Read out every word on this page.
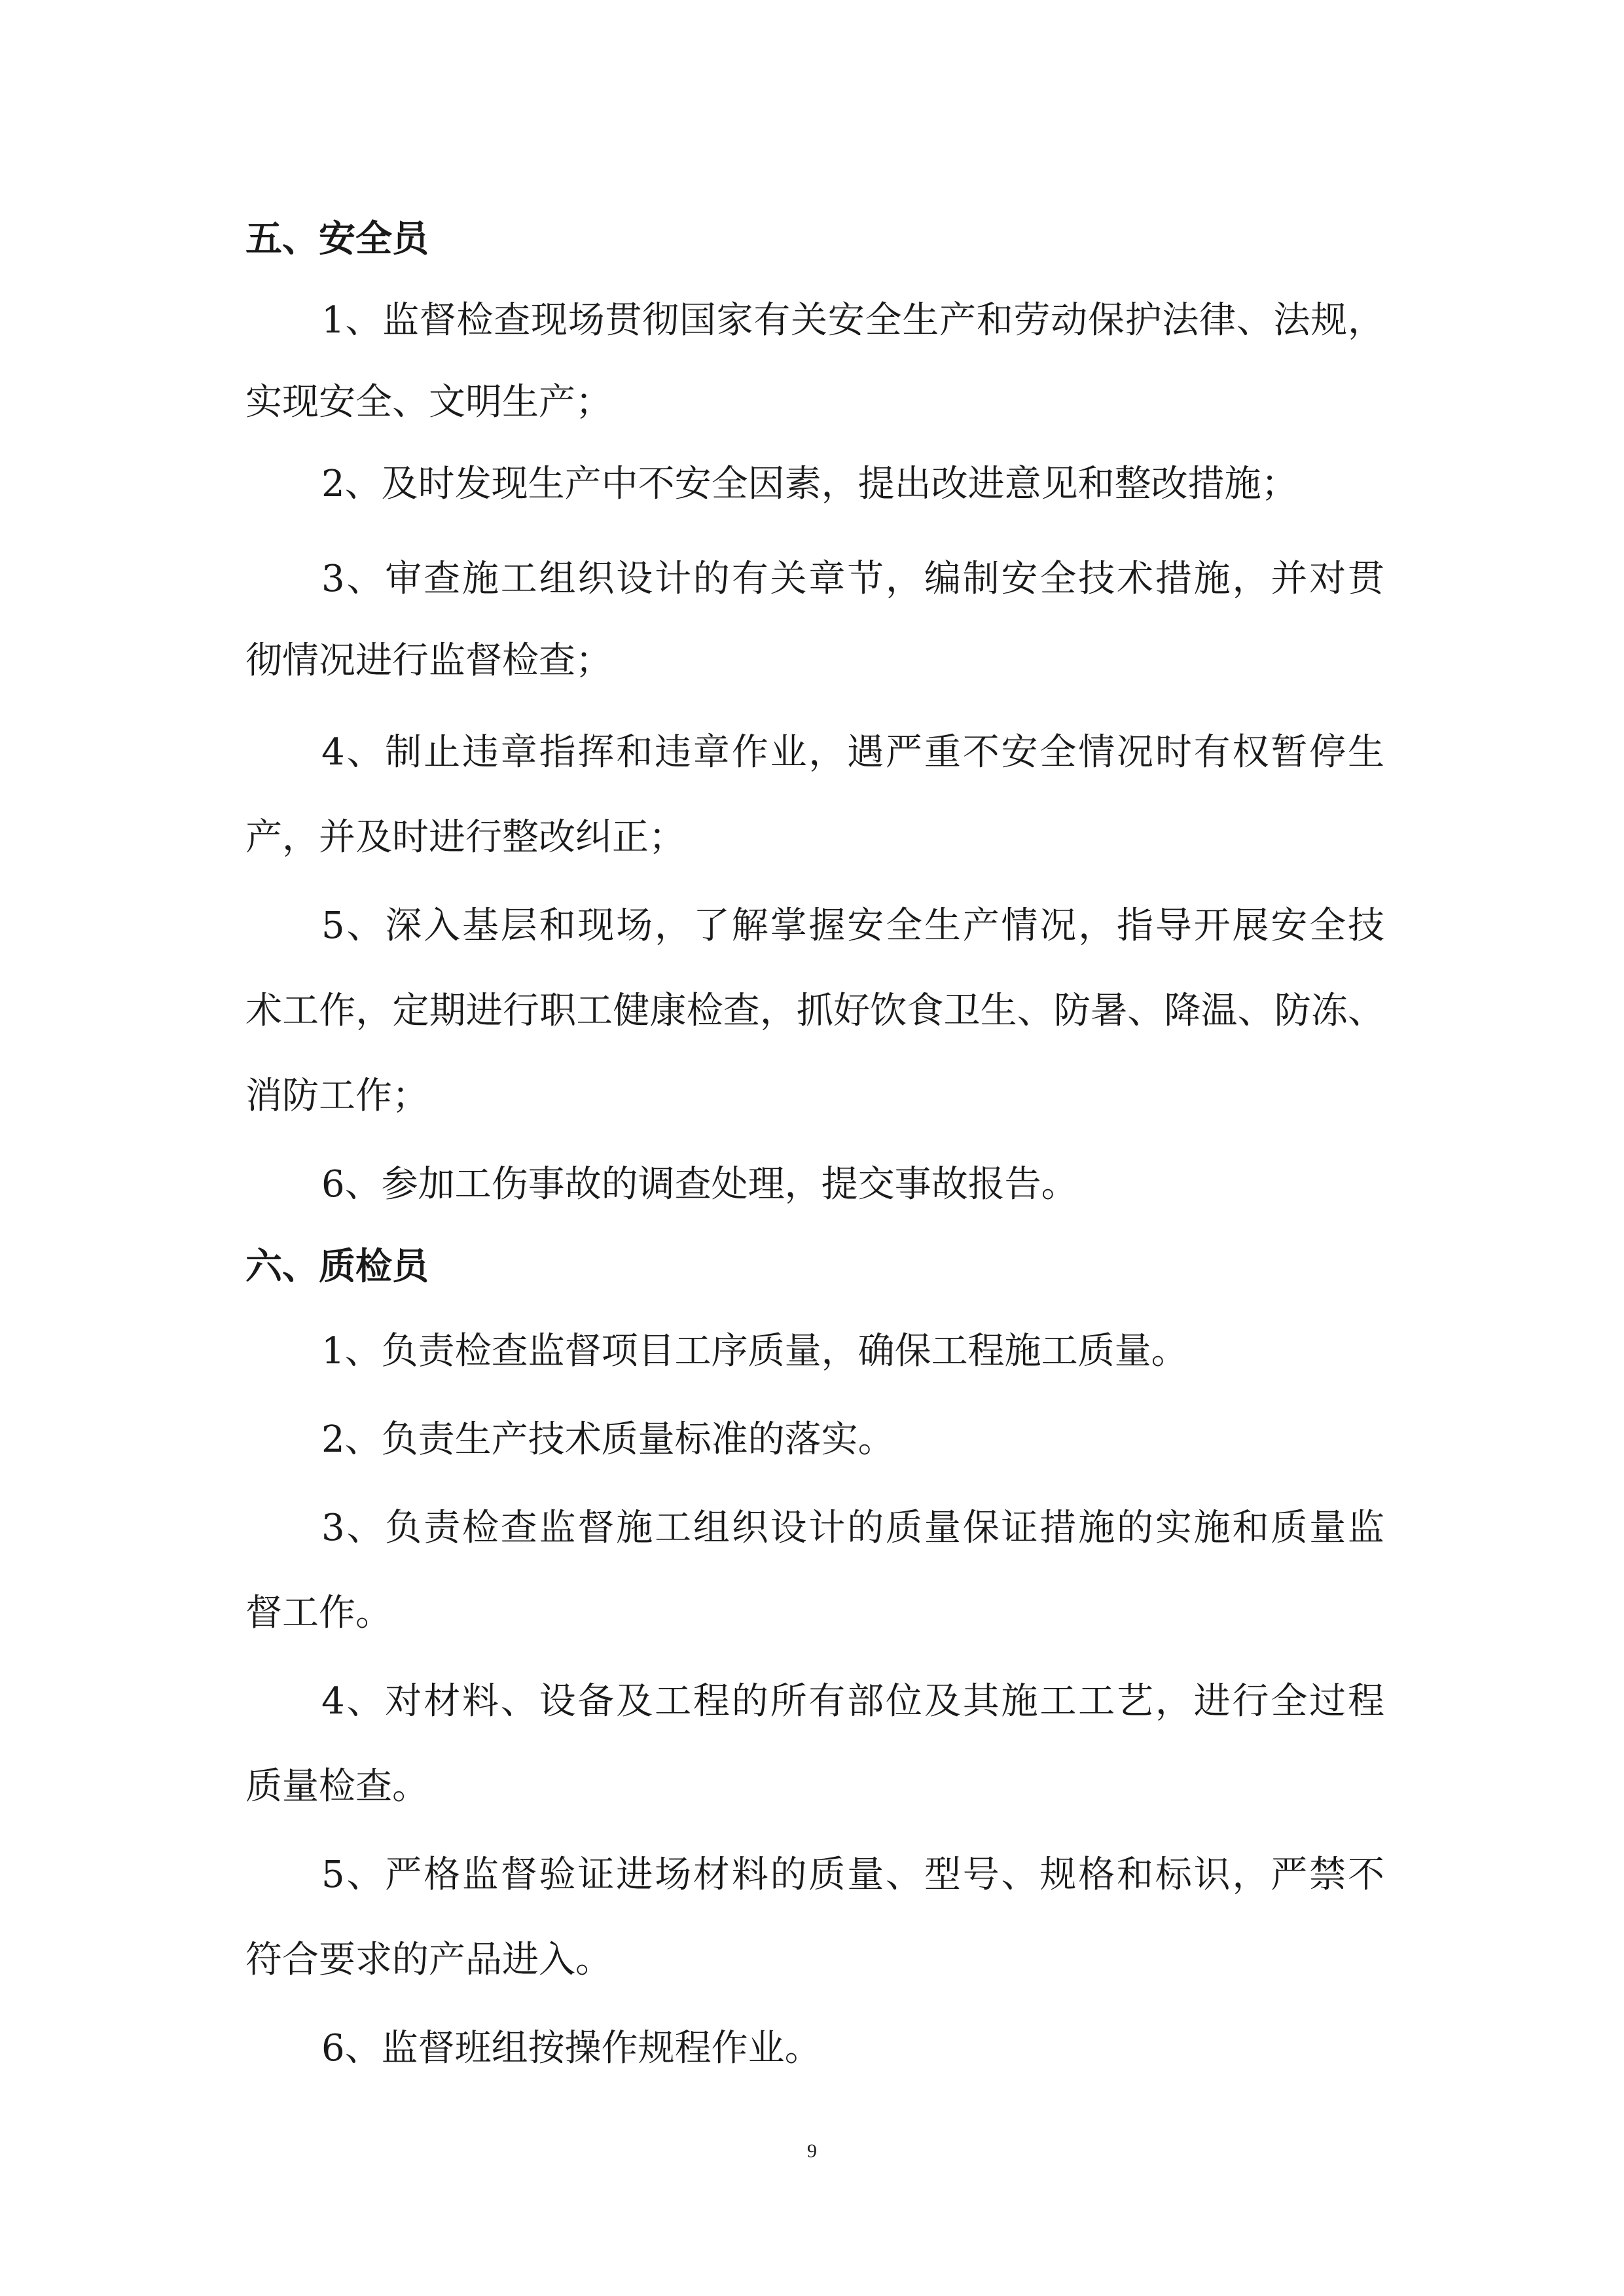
五、安全员
1、监督检查现场贯彻国家有关安全生产和劳动保护法律、法规，
实现安全、文明生产；
2、及时发现生产中不安全因素，提出改进意见和整改措施；
3、审查施工组织设计的有关章节，编制安全技术措施，并对贯
彻情况进行监督检查；
4、制止违章指挥和违章作业，遇严重不安全情况时有权暂停生
产，并及时进行整改纠正；
5、深入基层和现场，了解掌握安全生产情况，指导开展安全技
术工作，定期进行职工健康检查，抓好饮食卫生、防暑、降温、防冻、
消防工作；
6、参加工伤事故的调查处理，提交事故报告。
六、质检员
1、负责检查监督项目工序质量，确保工程施工质量。
2、负责生产技术质量标准的落实。
3、负责检查监督施工组织设计的质量保证措施的实施和质量监
督工作。
4、对材料、设备及工程的所有部位及其施工工艺，进行全过程
质量检查。
5、严格监督验证进场材料的质量、型号、规格和标识，严禁不
符合要求的产品进入。
6、监督班组按操作规程作业。
9
